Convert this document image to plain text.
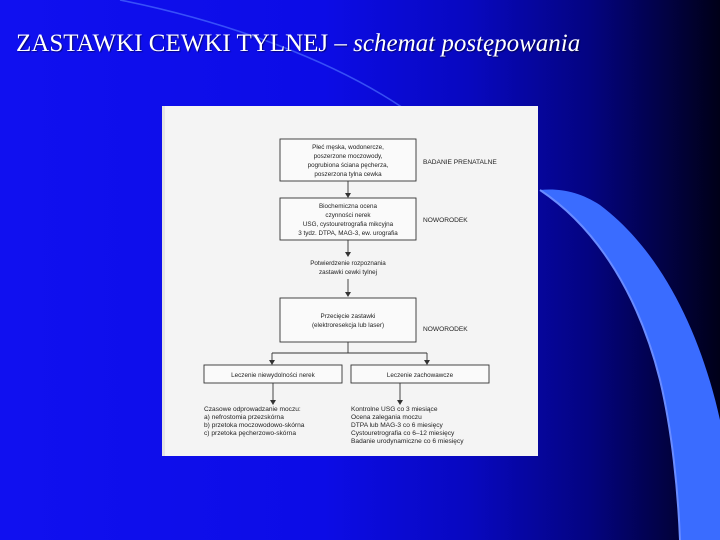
ZASTAWKI CEWKI TYLNEJ – schemat postępowania
Płeć męska, wodonercze,
poszerzone moczowody,
pogrubiona ściana pęcherza,
poszerzona tylna cewka
BADANIE PRENATALNE
Biochemiczna ocena
czynności nerek
USG, cystouretrografia mikcyjna
3 tydz. DTPA, MAG-3, ew. urografia
NOWORODEK
Potwierdzenie rozpoznania
zastawki cewki tylnej
Przecięcie zastawki
(elektroresekcja lub laser)
NOWORODEK
Leczenie niewydolności nerek	Leczenie zachowawcze
Czasowe odprowadzanie moczu:
a) nefrostomia przezskórna
b) przetoka moczowodowo-skórna
c) przetoka pęcherzowo-skórna
Kontrolne USG co 3 miesiące
Ocena zalegania moczu
DTPA lub MAG-3 co 6 miesięcy
Cystouretrografia co 6–12 miesięcy
Badanie urodynamiczne co 6 miesięcy
